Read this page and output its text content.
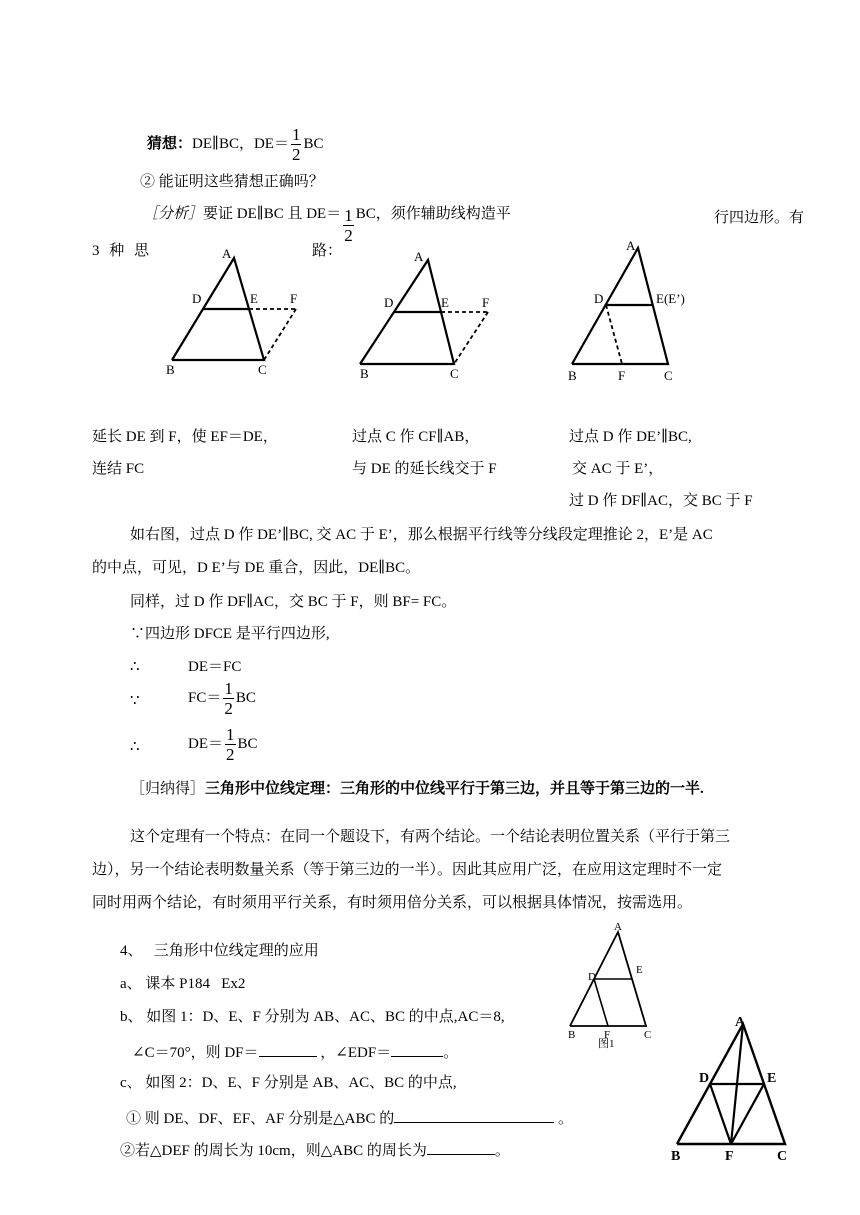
猜想：DE∥BC，$DE= \frac{1}{2}$ BC
② 能证明这些猜想正确吗？
［分析］要证 DE∥BC 且 $DE= \frac{1}{2}$ BC，须作辅助线构造平	行四边形。有
3 种 思	路：
A
D	E F
B	C
A
D	E	F
B	C
A
D	E(E’)
B	F	C
延长 DE 到 F，使 EF＝DE，
连结 FC
过点 C 作 CF∥AB，
与 DE 的延长线交于 F
过点 D 作 DE’∥BC,
交 AC 于 E’，
过 D 作 DF∥AC，交 BC 于 F
如右图，过点 D 作 DE’∥BC, 交 AC 于 E’，那么根据平行线等分线段定理推论 2，E’是 AC
的中点，可见，D E’与 DE 重合，因此，DE∥BC。
同样，过 D 作 DF∥AC，交 BC 于 F，则 BF= FC。
∵四边形 DFCE 是平行四边形,
∴	DE＝FC
∵	$FC= \frac{1}{2}$ BC
∴	$DE= \frac{1}{2}$ BC
［归纳得］三角形中位线定理：三角形的中位线平行于第三边，并且等于第三边的一半.
这个定理有一个特点：在同一个题设下，有两个结论。一个结论表明位置关系（平行于第三
边），另一个结论表明数量关系（等于第三边的一半）。因此其应用广泛，在应用这定理时不一定
同时用两个结论，有时须用平行关系，有时须用倍分关系，可以根据具体情况，按需选用。
4、   三角形中位线定理的应用
a、 课本 P184   Ex2
b、 如图 1：D、E、F 分别为 AB、AC、BC 的中点,AC＝8,
∠C＝70°，则 DF＝	，∠EDF＝	。
c、 如图 2：D、E、F 分别是 AB、AC、BC 的中点,
① 则 DE、DF、EF、AF 分别是△ABC 的	。
②若△DEF 的周长为 10cm，则△ABC 的周长为	。
A
D
E
B	F	C
图1
A
D	E
B	F	C
